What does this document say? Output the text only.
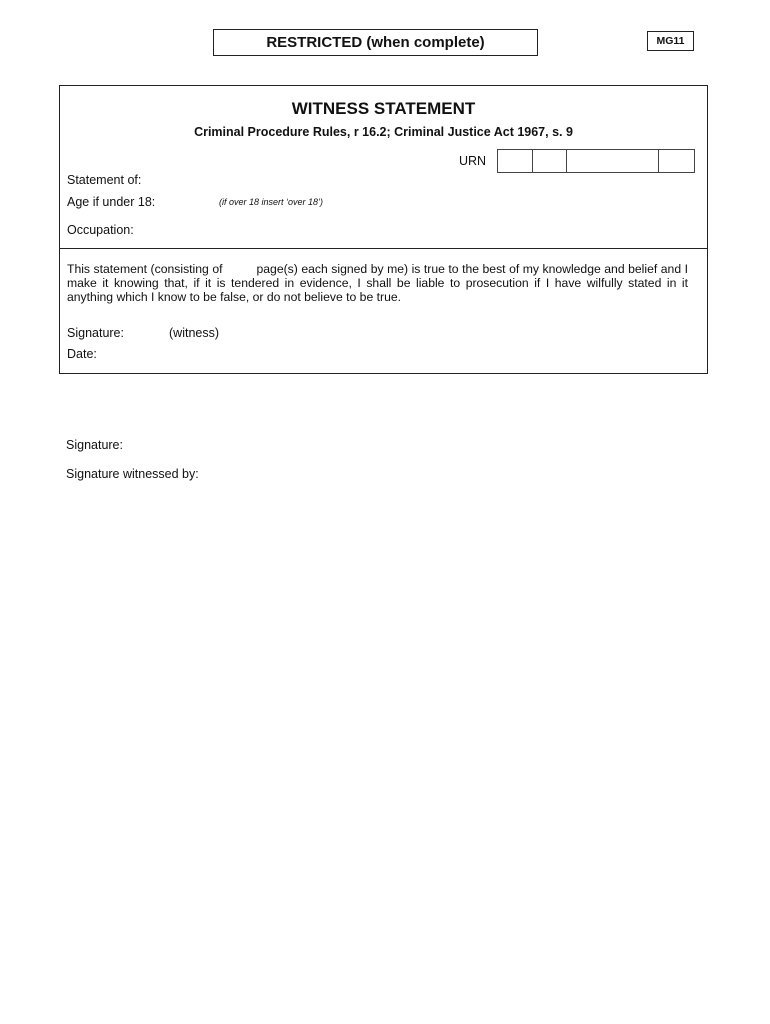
RESTRICTED (when complete)	MG11
WITNESS STATEMENT
Criminal Procedure Rules, r 16.2; Criminal Justice Act 1967, s. 9
URN
Statement of:
Age if under 18:	(if over 18 insert ‘over 18’)
Occupation:
This statement (consisting of	page(s) each signed by me) is true to the best of my knowledge and belief and I make it knowing that, if it is tendered in evidence, I shall be liable to prosecution if I have wilfully stated in it anything which I know to be false, or do not believe to be true.
Signature:	(witness)
Date:
Signature:
Signature witnessed by:
